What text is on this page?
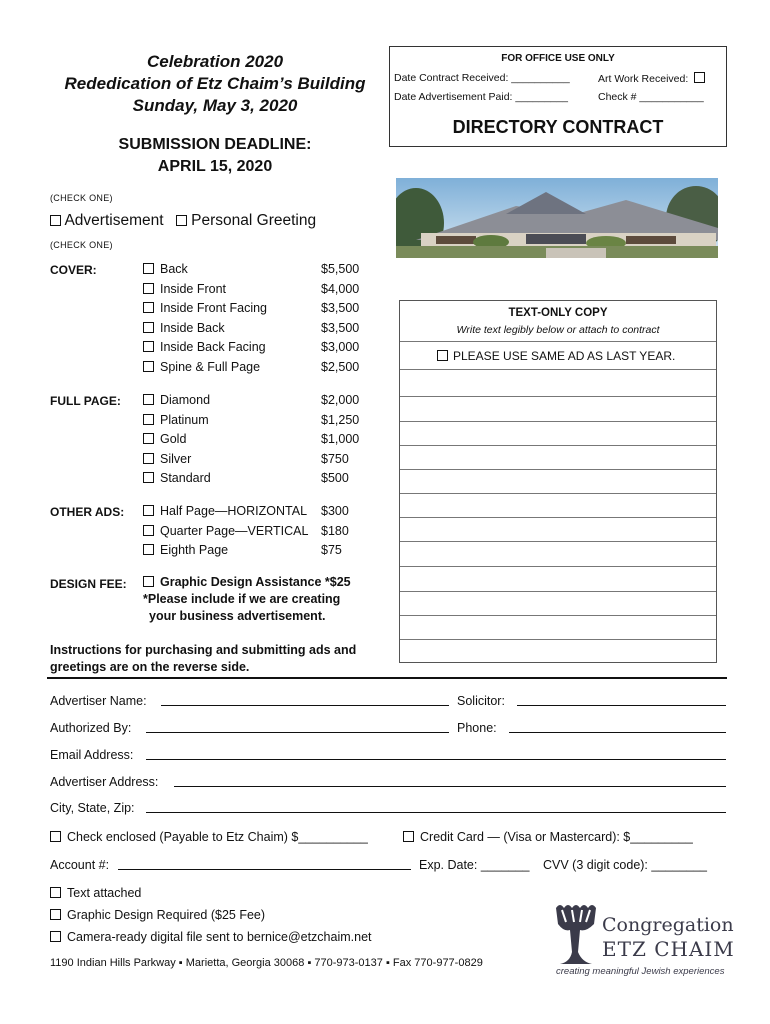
Celebration 2020
Rededication of Etz Chaim’s Building
Sunday, May 3, 2020
SUBMISSION DEADLINE:
APRIL 15, 2020
FOR OFFICE USE ONLY
Date Contract Received: __________	Art Work Received:
Date Advertisement Paid: _________	Check # ___________
DIRECTORY CONTRACT
(CHECK ONE)
Advertisement Personal Greeting
(CHECK ONE)
COVER:	Back	$5,500
Inside Front	$4,000
Inside Front Facing	$3,500
Inside Back	$3,500
Inside Back Facing	$3,000
Spine & Full Page	$2,500
FULL PAGE:	Diamond	$2,000
Platinum	$1,250
Gold	$1,000
Silver	$750
Standard	$500
OTHER ADS:	Half Page—HORIZONTAL $300
Quarter Page—VERTICAL $180
Eighth Page	$75
DESIGN FEE:	Graphic Design Assistance *$25
*Please include if we are creating
your business advertisement.
Instructions for purchasing and submitting ads and
greetings are on the reverse side.
TEXT-ONLY COPY
Write text legibly below or attach to contract
PLEASE USE SAME AD AS LAST YEAR.
Advertiser Name:	Solicitor:
Authorized By:	Phone:
Email Address:
Advertiser Address:
City, State, Zip:
Check enclosed (Payable to Etz Chaim) $__________	Credit Card — (Visa or Mastercard): $_________
Account #:	Exp. Date: _______ CVV (3 digit code): ________
Text attached
Graphic Design Required ($25 Fee)
Camera-ready digital file sent to bernice@etzchaim.net
1190 Indian Hills Parkway ▪ Marietta, Georgia 30068 ▪ 770-973-0137 ▪ Fax 770-977-0829
Congregation
ETZ CHAIM
creating meaningful Jewish experiences
